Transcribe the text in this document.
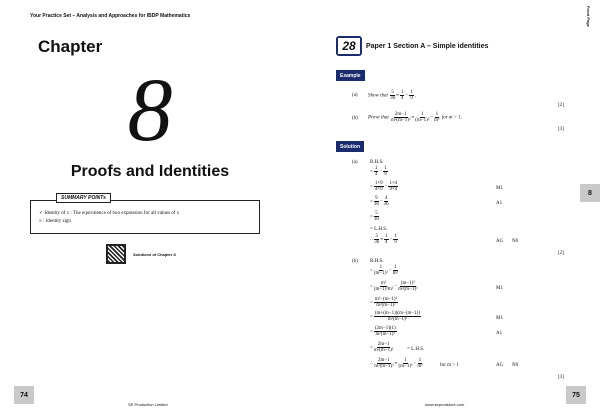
Your Practice Set – Analysis and Approaches for IBDP Mathematics
Chapter
8
Proofs and Identities
✓ Identity of x : The equivalence of two expression for all values of x
≡ : Identity sign
SUMMARY POINTs
Solutions of Chapter 8
74
SE Production Limited
Front Page
28	Paper 1 Section A – Simple identities
Example
(a) Show that
5
36≡
1
4 −
1
9 .
[2]
(b) Prove that
2m−1
m²(m−1)²≡
1
(m−1)²−
1
m² for m > 1.
[3]
Solution
(a) R.H.S.
=
1
4 −
1
9
=
1×9
4×9 −
1×4
9×4	M1
=
9
36−
4
36	A1
=
5
36
= L.H.S.
∴
5
36≡
1
4 −
1
9	AG N0
[2]
(b) R.H.S.
=
1
(m−1)²−
1
m²
=
m²
(m−1)²m²−
(m−1)²
m²(m−1)²	M1
=
m²−(m−1)²
m²(m−1)²
=
(m+(m−1))(m−(m−1))
m²(m−1)²	M1
=
(2m−1)(1)
m²(m−1)²	A1
=
2m−1
m²(m−1)²	= L.H.S.
∴
2m−1
m²(m−1)²≡
1
(m−1)²−
1
m²	for m > 1	AG N0
[3]
8
75
www.seprodstore.com
